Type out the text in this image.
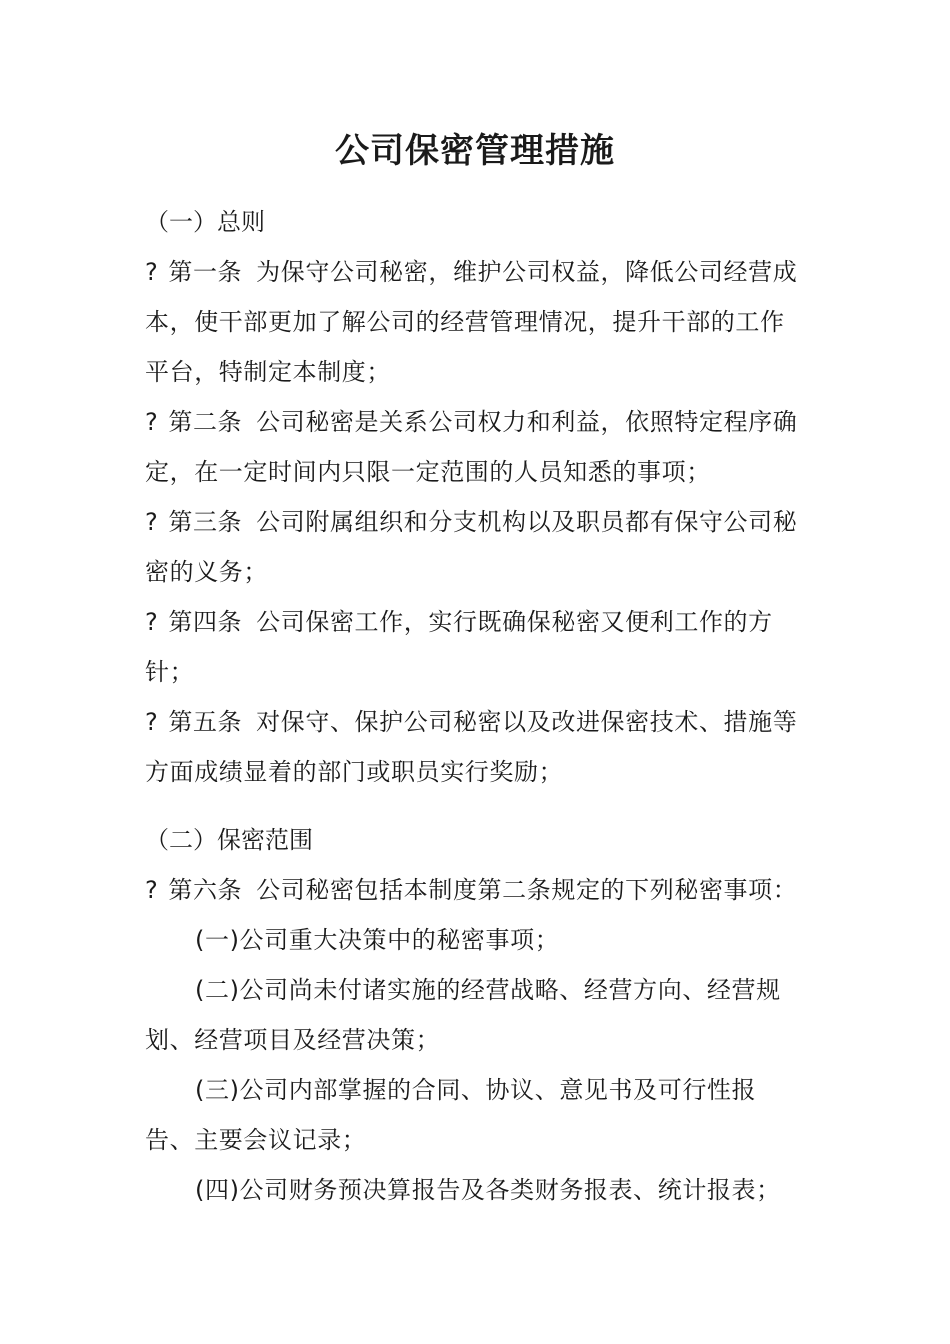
公司保密管理措施

（一）总则

? 第一条 为保守公司秘密，维护公司权益，降低公司经营成本，使干部更加了解公司的经营管理情况，提升干部的工作平台，特制定本制度；

? 第二条 公司秘密是关系公司权力和利益，依照特定程序确定，在一定时间内只限一定范围的人员知悉的事项；

? 第三条 公司附属组织和分支机构以及职员都有保守公司秘密的义务；

? 第四条 公司保密工作，实行既确保秘密又便利工作的方针；

? 第五条 对保守、保护公司秘密以及改进保密技术、措施等方面成绩显着的部门或职员实行奖励；

（二）保密范围

? 第六条 公司秘密包括本制度第二条规定的下列秘密事项：

(一)公司重大决策中的秘密事项；

(二)公司尚未付诸实施的经营战略、经营方向、经营规划、经营项目及经营决策；

(三)公司内部掌握的合同、协议、意见书及可行性报告、主要会议记录；

(四)公司财务预决算报告及各类财务报表、统计报表；
